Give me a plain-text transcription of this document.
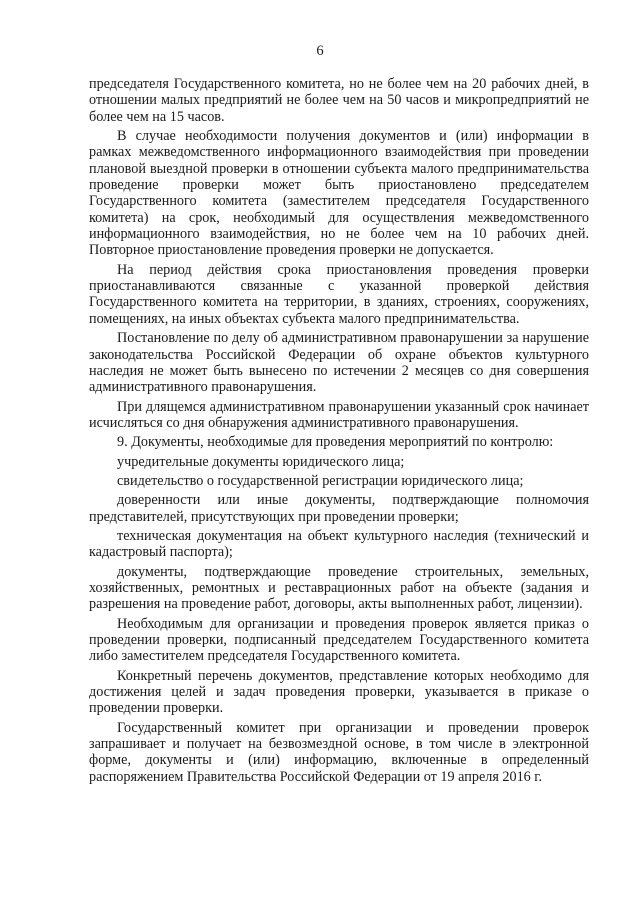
6

председателя Государственного комитета, но не более чем на 20 рабочих дней, в отношении малых предприятий не более чем на 50 часов и микропредприятий не более чем на 15 часов.

В случае необходимости получения документов и (или) информации в рамках межведомственного информационного взаимодействия при проведении плановой выездной проверки в отношении субъекта малого предпринимательства проведение проверки может быть приостановлено председателем Государственного комитета (заместителем председателя Государственного комитета) на срок, необходимый для осуществления межведомственного информационного взаимодействия, но не более чем на 10 рабочих дней. Повторное приостановление проведения проверки не допускается.

На период действия срока приостановления проведения проверки приостанавливаются связанные с указанной проверкой действия Государственного комитета на территории, в зданиях, строениях, сооружениях, помещениях, на иных объектах субъекта малого предпринимательства.

Постановление по делу об административном правонарушении за нарушение законодательства Российской Федерации об охране объектов культурного наследия не может быть вынесено по истечении 2 месяцев со дня совершения административного правонарушения.

При длящемся административном правонарушении указанный срок начинает исчисляться со дня обнаружения административного правонарушения.

9. Документы, необходимые для проведения мероприятий по контролю:

учредительные документы юридического лица;

свидетельство о государственной регистрации юридического лица;

доверенности или иные документы, подтверждающие полномочия представителей, присутствующих при проведении проверки;

техническая документация на объект культурного наследия (технический и кадастровый паспорта);

документы, подтверждающие проведение строительных, земельных, хозяйственных, ремонтных и реставрационных работ на объекте (задания и разрешения на проведение работ, договоры, акты выполненных работ, лицензии).

Необходимым для организации и проведения проверок является приказ о проведении проверки, подписанный председателем Государственного комитета либо заместителем председателя Государственного комитета.

Конкретный перечень документов, представление которых необходимо для достижения целей и задач проведения проверки, указывается в приказе о проведении проверки.

Государственный комитет при организации и проведении проверок запрашивает и получает на безвозмездной основе, в том числе в электронной форме, документы и (или) информацию, включенные в определенный распоряжением Правительства Российской Федерации от 19 апреля 2016 г.
